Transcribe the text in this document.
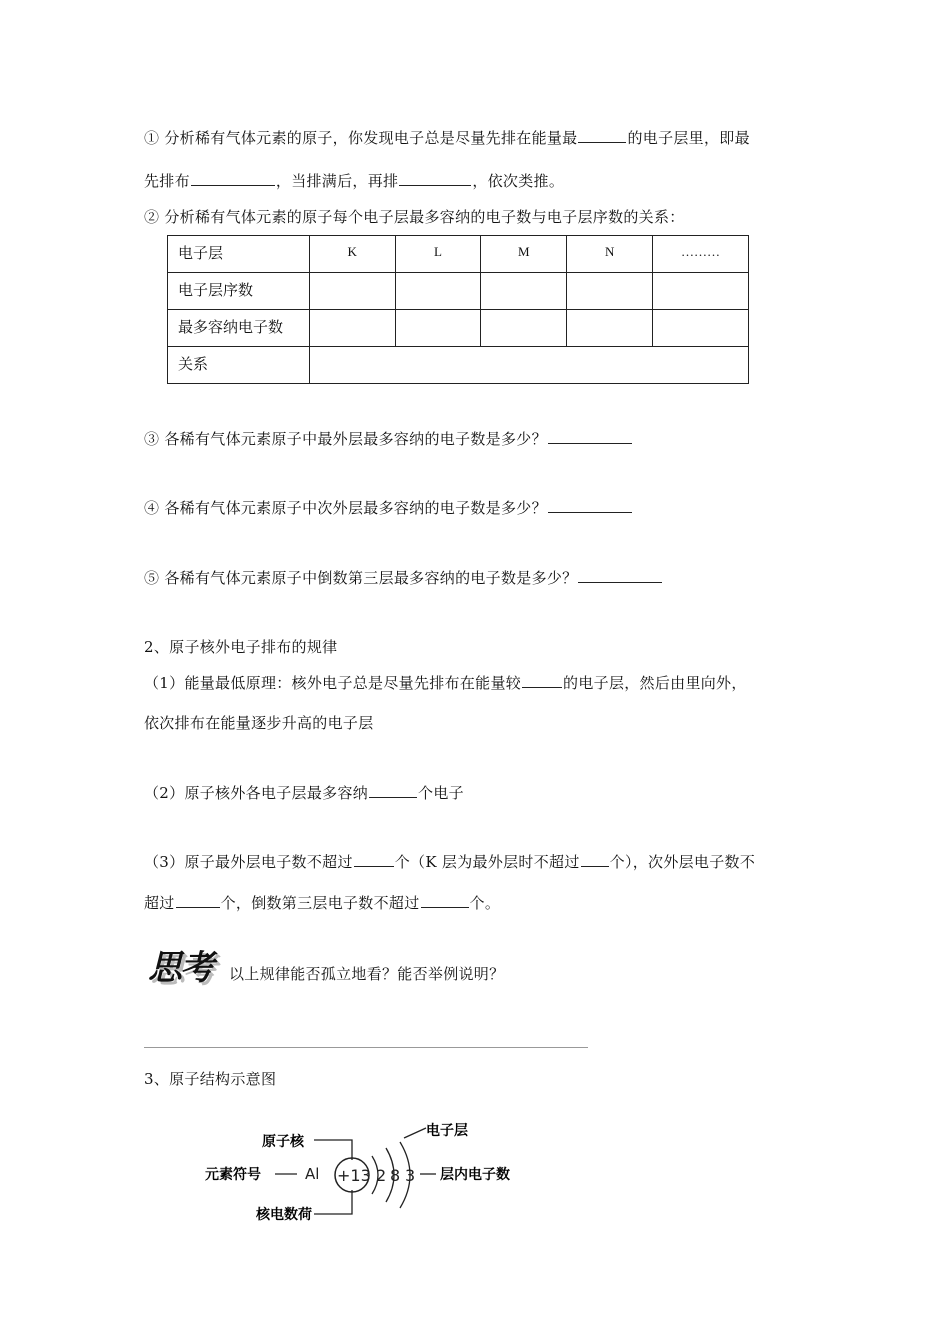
① 分析稀有气体元素的原子，你发现电子总是尽量先排在能量最	的电子层里，即最
先排布	，当排满后，再排	，依次类推。
② 分析稀有气体元素的原子每个电子层最多容纳的电子数与电子层序数的关系：
电子层	K	L	M	N	………
电子层序数					
最多容纳电子数					
关系					
③ 各稀有气体元素原子中最外层最多容纳的电子数是多少？
④ 各稀有气体元素原子中次外层最多容纳的电子数是多少？
⑤ 各稀有气体元素原子中倒数第三层最多容纳的电子数是多少？
2、原子核外电子排布的规律
（1）能量最低原理：核外电子总是尽量先排布在能量较	的电子层，然后由里向外，
依次排布在能量逐步升高的电子层
（2）原子核外各电子层最多容纳	个电子
（3）原子最外层电子数不超过	个（K 层为最外层时不超过 个），次外层电子数不
超过	个，倒数第三层电子数不超过	个。
思考 以上规律能否孤立地看？能否举例说明？
3、原子结构示意图
原子核
元素符号
核电数荷
电子层
层内电子数
Al +13 2 8 3
